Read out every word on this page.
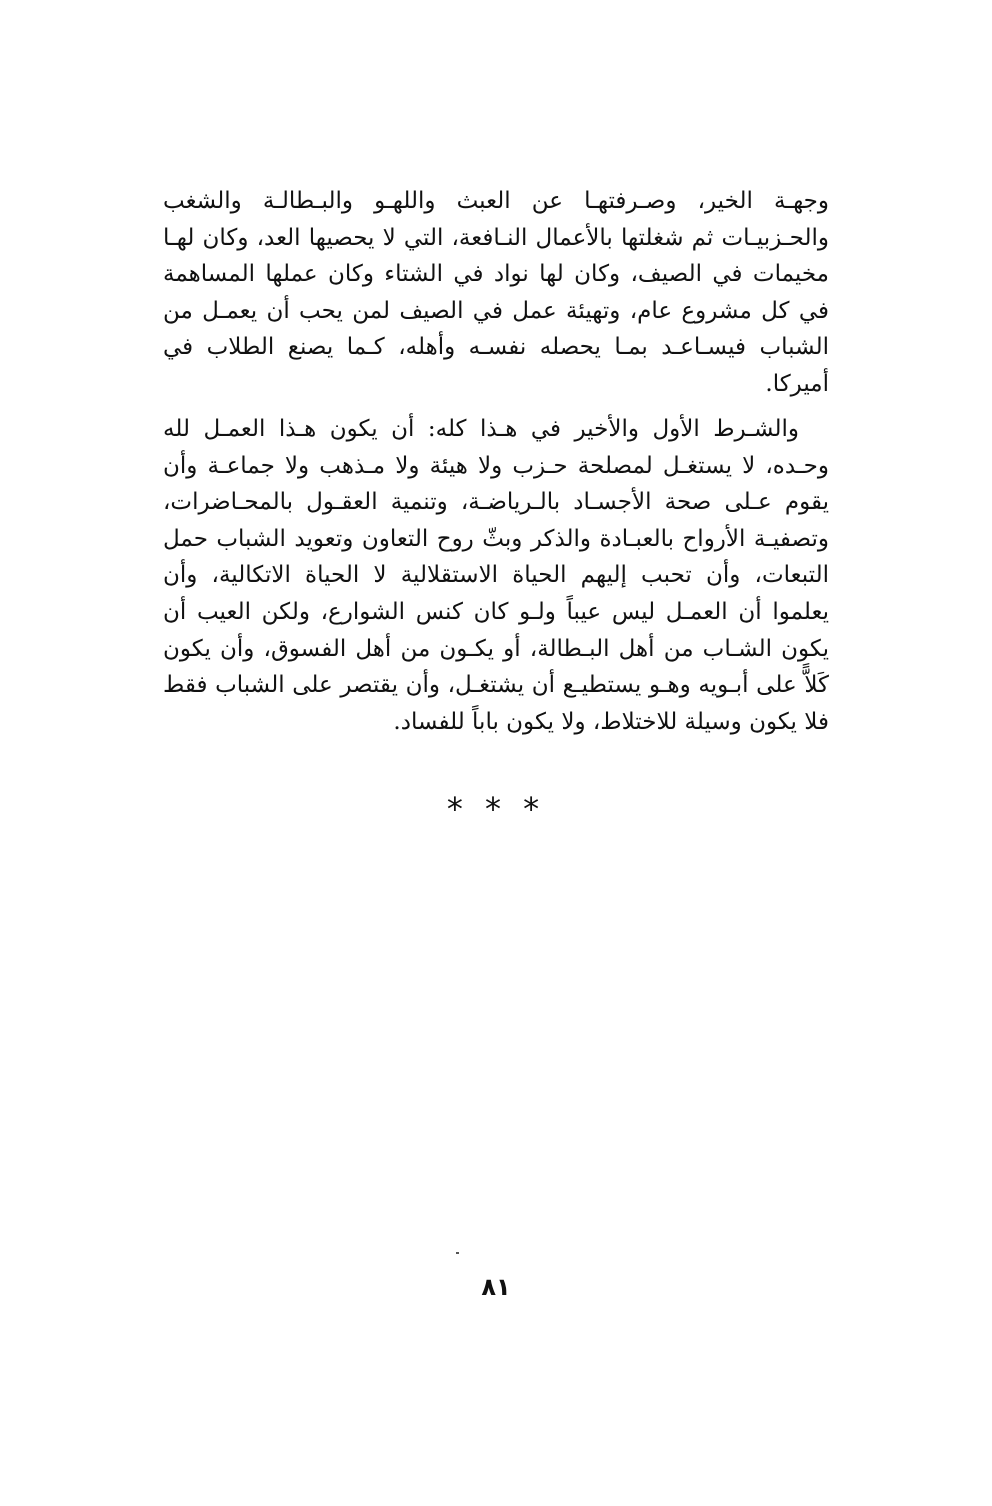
وجهـة الخير، وصـرفتهـا عن العبث واللهـو والبـطالـة والشغب والحـزبيـات ثم شغلتها بالأعمال النـافعة، التي لا يحصيها العد، وكان لهـا مخيمات في الصيف، وكان لها نواد في الشتاء وكان عملها المساهمة في كل مشروع عام، وتهيئة عمل في الصيف لمن يحب أن يعمـل من الشباب فيسـاعـد بمـا يحصله نفسـه وأهله، كـما يصنع الطلاب في أميركا.

والشـرط الأول والأخير في هـذا كله: أن يكون هـذا العمـل لله وحـده، لا يستغـل لمصلحة حـزب ولا هيئة ولا مـذهب ولا جماعـة وأن يقوم عـلى صحة الأجسـاد بالـرياضـة، وتنمية العقـول بالمحـاضرات، وتصفيـة الأرواح بالعبـادة والذكر وبثّ روح التعاون وتعويد الشباب حمل التبعات، وأن تحبب إليهم الحياة الاستقلالية لا الحياة الاتكالية، وأن يعلموا أن العمـل ليس عيباً ولـو كان كنس الشوارع، ولكن العيب أن يكون الشـاب من أهل البـطالة، أو يكـون من أهل الفسوق، وأن يكون كَلاًّ على أبـويه وهـو يستطيـع أن يشتغـل، وأن يقتصر على الشباب فقط فلا يكون وسيلة للاختلاط، ولا يكون باباً للفساد.

* * *
٨١
